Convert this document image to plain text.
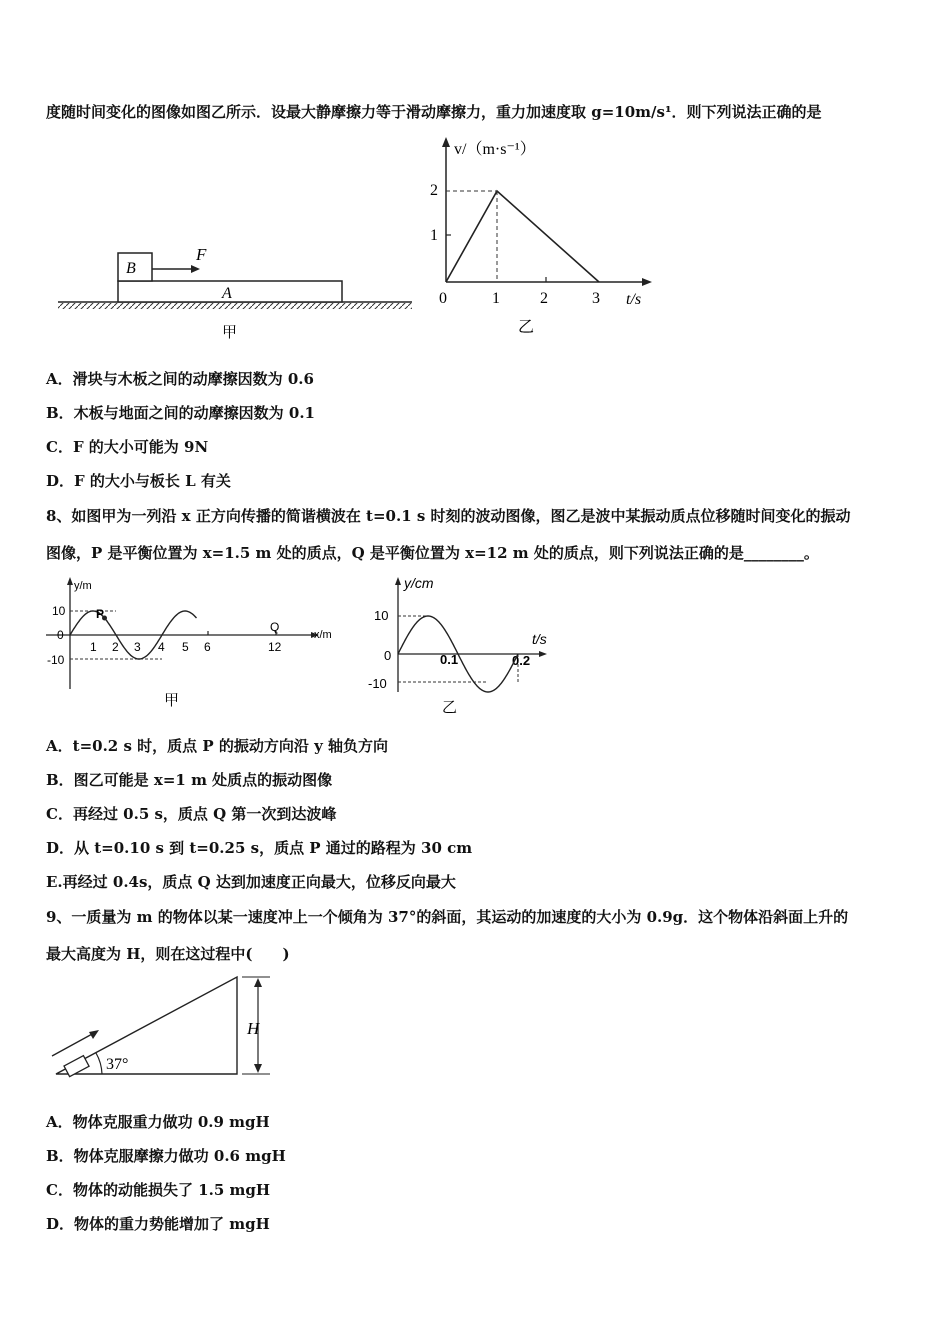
度随时间变化的图像如图乙所示．设最大静摩擦力等于滑动摩擦力，重力加速度取 g=10m/s¹．则下列说法正确的是
B
A
F
甲
v/（m·s⁻¹）
t/s
0	1	2	3
1
2
乙
A．滑块与木板之间的动摩擦因数为 0.6
B．木板与地面之间的动摩擦因数为 0.1
C．F 的大小可能为 9N
D．F 的大小与板长 L 有关
8、如图甲为一列沿 x 正方向传播的简谐横波在 t=0.1 s 时刻的波动图像，图乙是波中某振动质点位移随时间变化的振动
图像，P 是平衡位置为 x=1.5 m 处的质点，Q 是平衡位置为 x=12 m 处的质点，则下列说法正确的是________。
y/m
x/m
10
0
-10
1 2 3 4 5 6	12
P
Q
甲
y/cm
t/s
10
0
-10
0.1	0.2
乙
A．t=0.2 s 时，质点 P 的振动方向沿 y 轴负方向
B．图乙可能是 x=1 m 处质点的振动图像
C．再经过 0.5 s，质点 Q 第一次到达波峰
D．从 t=0.10 s 到 t=0.25 s，质点 P 通过的路程为 30 cm
E.再经过 0.4s，质点 Q 达到加速度正向最大，位移反向最大
9、一质量为 m 的物体以某一速度冲上一个倾角为 37°的斜面，其运动的加速度的大小为 0.9g．这个物体沿斜面上升的
最大高度为 H，则在这过程中(　　)
37°
H
A．物体克服重力做功 0.9 mgH
B．物体克服摩擦力做功 0.6 mgH
C．物体的动能损失了 1.5 mgH
D．物体的重力势能增加了 mgH
